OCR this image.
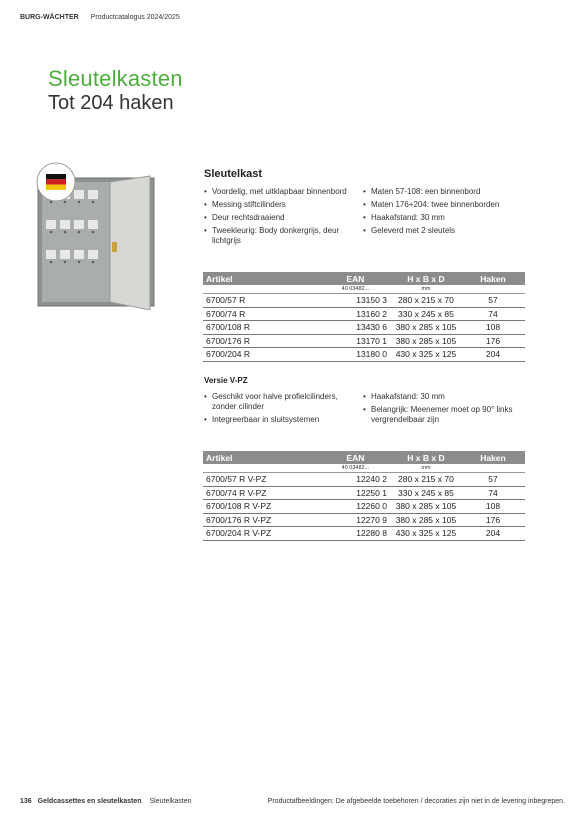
BURG-WÄCHTER Productcatalogus 2024/2025
Sleutelkasten
Tot 204 haken
Sleutelkast
• Voordelig, met uitklapbaar binnenbord
• Messing stiftcilinders
• Deur rechtsdraaiend
• Tweekleurig: Body donkergrijs, deur lichtgrijs
• Maten 57-108: een binnenbord
• Maten 176+204: twee binnenborden
• Haakafstand: 30 mm
• Geleverd met 2 sleutels
Artikel	EAN	H x B x D	Haken
	40 03482...	mm	
6700/57 R	13150 3	280 x 215 x 70	57
6700/74 R	13160 2	330 x 245 x 85	74
6700/108 R	13430 6	380 x 285 x 105	108
6700/176 R	13170 1	380 x 285 x 105	176
6700/204 R	13180 0	430 x 325 x 125	204
Versie V-PZ
• Geschikt voor halve profielcilinders, zonder cilinder
• Integreerbaar in sluitsystemen
• Haakafstand: 30 mm
• Belangrijk: Meenemer moet op 90° links vergrendelbaar zijn
Artikel	EAN	H x B x D	Haken
	40 03482...	mm	
6700/57 R V-PZ	12240 2	280 x 215 x 70	57
6700/74 R V-PZ	12250 1	330 x 245 x 85	74
6700/108 R V-PZ	12260 0	380 x 285 x 105	108
6700/176 R V-PZ	12270 9	380 x 285 x 105	176
6700/204 R V-PZ	12280 8	430 x 325 x 125	204
136 Geldcassettes en sleutelkasten Sleutelkasten	Productafbeeldingen: De afgebeelde toebehoren / decoraties zijn niet in de levering inbegrepen.
